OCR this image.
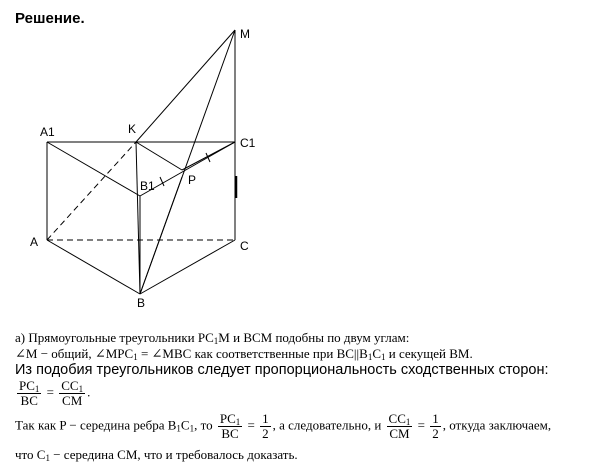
Решение.
M
K
A1
C1
B1	P
A	C
B
а) Прямоугольные треугольники $PC_1M$ и BCM подобны по двум углам:
∠M − общий, $\angle MPC_1$ = ∠MBC как соответственные при $BC||B_1C_1$ и секущей BM.
Из подобия треугольников следует пропорциональность сходственных сторон:
$\frac{PC_1}{BC} = \frac{CC_1}{CM}$ .
Так как P − середина ребра $B_1C_1$, то $\frac{PC_1}{BC} = \frac{1}{2}$ , а следовательно, и $\frac{CC_1}{CM} = \frac{1}{2}$ , откуда заключаем,
что $C_1$ − середина CM, что и требовалось доказать.
